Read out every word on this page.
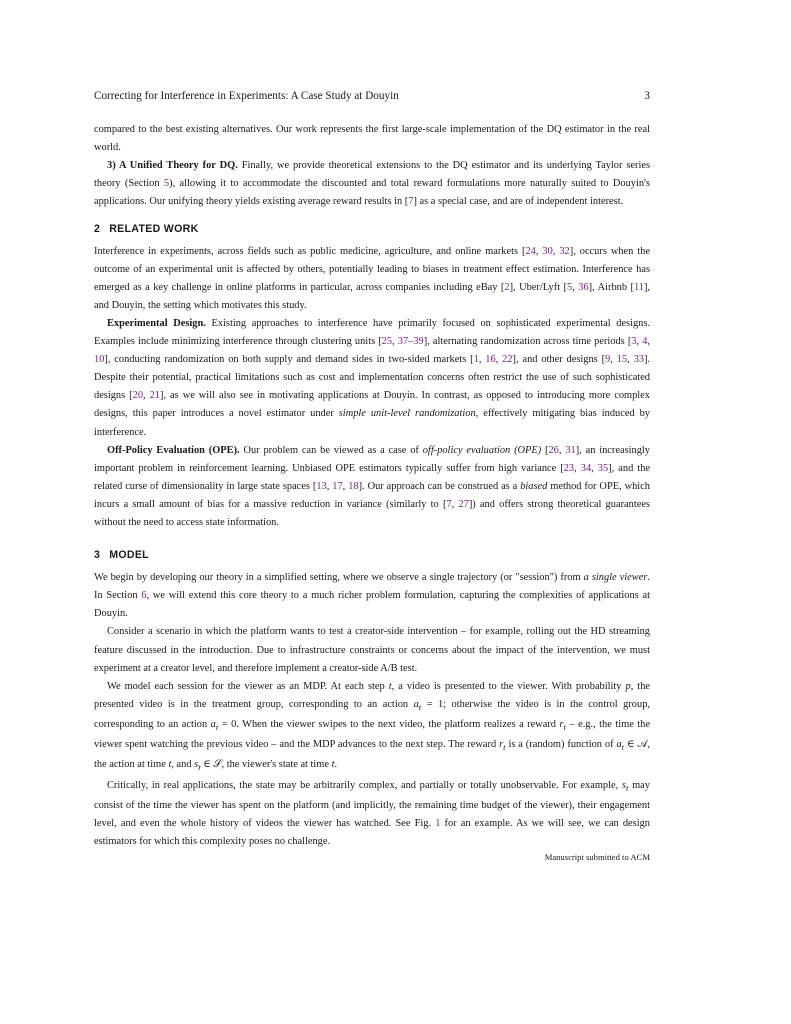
Correcting for Interference in Experiments: A Case Study at Douyin	3

compared to the best existing alternatives. Our work represents the first large-scale implementation of the DQ estimator in the real world.

3) A Unified Theory for DQ. Finally, we provide theoretical extensions to the DQ estimator and its underlying Taylor series theory (Section 5), allowing it to accommodate the discounted and total reward formulations more naturally suited to Douyin's applications. Our unifying theory yields existing average reward results in [7] as a special case, and are of independent interest.

2 RELATED WORK

Interference in experiments, across fields such as public medicine, agriculture, and online markets [24, 30, 32], occurs when the outcome of an experimental unit is affected by others, potentially leading to biases in treatment effect estimation. Interference has emerged as a key challenge in online platforms in particular, across companies including eBay [2], Uber/Lyft [5, 36], Airbnb [11], and Douyin, the setting which motivates this study.

Experimental Design. Existing approaches to interference have primarily focused on sophisticated experimental designs. Examples include minimizing interference through clustering units [25, 37–39], alternating randomization across time periods [3, 4, 10], conducting randomization on both supply and demand sides in two-sided markets [1, 16, 22], and other designs [9, 15, 33]. Despite their potential, practical limitations such as cost and implementation concerns often restrict the use of such sophisticated designs [20, 21], as we will also see in motivating applications at Douyin. In contrast, as opposed to introducing more complex designs, this paper introduces a novel estimator under simple unit-level randomization, effectively mitigating bias induced by interference.

Off-Policy Evaluation (OPE). Our problem can be viewed as a case of off-policy evaluation (OPE) [26, 31], an increasingly important problem in reinforcement learning. Unbiased OPE estimators typically suffer from high variance [23, 34, 35], and the related curse of dimensionality in large state spaces [13, 17, 18]. Our approach can be construed as a biased method for OPE, which incurs a small amount of bias for a massive reduction in variance (similarly to [7, 27]) and offers strong theoretical guarantees without the need to access state information.

3 MODEL

We begin by developing our theory in a simplified setting, where we observe a single trajectory (or "session") from a single viewer. In Section 6, we will extend this core theory to a much richer problem formulation, capturing the complexities of applications at Douyin.

Consider a scenario in which the platform wants to test a creator-side intervention – for example, rolling out the HD streaming feature discussed in the introduction. Due to infrastructure constraints or concerns about the impact of the intervention, we must experiment at a creator level, and therefore implement a creator-side A/B test.

We model each session for the viewer as an MDP. At each step t, a video is presented to the viewer. With probability p, the presented video is in the treatment group, corresponding to an action $a_t = 1$; otherwise the video is in the control group, corresponding to an action $a_t = 0$. When the viewer swipes to the next video, the platform realizes a reward $r_t - e.g$., the time the viewer spent watching the previous video – and the MDP advances to the next step. The reward $r_t$ is a (random) function of $a_t$ ∈ 𝒜, the action at time t, and $s_t$ ∈ 𝒮, the viewer's state at time t.

Critically, in real applications, the state may be arbitrarily complex, and partially or totally unobservable. For example, $s_t$ may consist of the time the viewer has spent on the platform (and implicitly, the remaining time budget of the viewer), their engagement level, and even the whole history of videos the viewer has watched. See Fig. 1 for an example. As we will see, we can design estimators for which this complexity poses no challenge.

Manuscript submitted to ACM
